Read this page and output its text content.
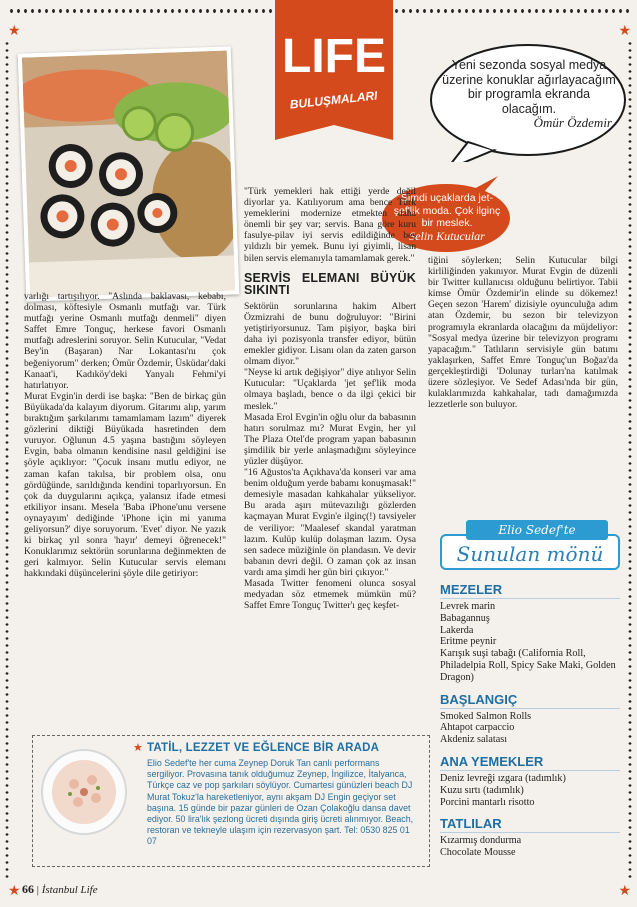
★	★
★	★
LIFE
BULUŞMALARI
Yeni sezonda sosyal medya üzerine konuklar ağırlayacağım bir programla ekranda olacağım.
Ömür Özdemir
Şimdi uçaklarda jet-şef'lik moda. Çok ilginç bir meslek.
Selin Kutucular

varlığı tartışılıyor. "Aslında baklavası, kebabı, dolması, köftesiyle Osmanlı mutfağı var. Türk mutfağı yerine Osmanlı mutfağı denmeli" diyen Saffet Emre Tonguç, herkese favori Osmanlı mutfağı adreslerini soruyor. Selin Kutucular, "Vedat Bey'in (Başaran) Nar Lokantası'nı çok beğeniyorum" derken; Ömür Özdemir, Üsküdar'daki Kanaat'i, Kadıköy'deki Yanyalı Fehmi'yi hatırlatıyor.

Murat Evgin'in derdi ise başka: "Ben de birkaç gün Büyükada'da kalayım diyorum. Gitarımı alıp, yarım bıraktığım şarkılarımı tamamlamam lazım" diyerek gözlerini diktiği Büyükada hasretinden dem vuruyor. Oğlunun 4.5 yaşına bastığını söyleyen Evgin, baba olmanın kendisine nasıl geldiğini ise şöyle açıklıyor: "Çocuk insanı mutlu ediyor, ne zaman kafan takılsa, bir problem olsa, onu gördüğünde, sarıldığında kendini toparlıyorsun. En çok da duygularını açıkça, yalansız ifade etmesi etkiliyor insanı. Mesela 'Baba iPhone'unu versene oynayayım' dediğinde 'iPhone için mi yanıma geliyorsun?' diye soruyorum. 'Evet' diyor. Ne yazık ki birkaç yıl sonra 'hayır' demeyi öğrenecek!" Konuklarımız sektörün sorunlarına değinmekten de geri kalmıyor. Selin Kutucular servis elemanı hakkındaki düşüncelerini şöyle dile getiriyor:

"Türk yemekleri hak ettiği yerde değil diyorlar ya. Katılıyorum ama bence Türk yemeklerini modernize etmekten daha önemli bir şey var; servis. Bana göre kuru fasulye-pilav iyi servis edildiğinde beş yıldızlı bir yemek. Bunu iyi giyimli, lisan bilen servis elemanıyla tamamlamak gerek."

SERVİS ELEMANI BÜYÜK SIKINTI

Sektörün sorunlarına hakim Albert Özmizrahi de bunu doğruluyor: "Birini yetiştiriyorsunuz. Tam pişiyor, başka biri daha iyi pozisyonla transfer ediyor, bütün emekler gidiyor. Lisanı olan da zaten garson olmam diyor."

"Neyse ki artık değişiyor" diye atılıyor Selin Kutucular: "Uçaklarda 'jet şef'lik moda olmaya başladı, bence o da ilgi çekici bir meslek."

Masada Erol Evgin'in oğlu olur da babasının hatırı sorulmaz mı? Murat Evgin, her yıl The Plaza Otel'de program yapan babasının şimdilik bir yerle anlaşmadığını söyleyince yüzler düşüyor.

"16 Ağustos'ta Açıkhava'da konseri var ama benim olduğum yerde babamı konuşmasak!" demesiyle masadan kahkahalar yükseliyor. Bu arada aşırı mütevazılığı gözlerden kaçmayan Murat Evgin'e ilginç(!) tavsiyeler de veriliyor: "Maalesef skandal yaratman lazım. Kulüp kulüp dolaşman lazım. Oysa sen sadece müziğinle ön plandasın. Ve devir babanın devri değil. O zaman çok az insan vardı ama şimdi her gün biri çıkıyor."

Masada Twitter fenomeni olunca sosyal medyadan söz etmemek mümkün mü? Saffet Emre Tonguç Twitter'ı geç keşfet-

tiğini söylerken; Selin Kutucular bilgi kirliliğinden yakınıyor. Murat Evgin de düzenli bir Twitter kullanıcısı olduğunu belirtiyor. Tabii kimse Ömür Özdemir'in elinde su dökemez! Geçen sezon 'Harem' dizisiyle oyunculuğa adım atan Özdemir, bu sezon bir televizyon programıyla ekranlarda olacağını da müjdeliyor: "Sosyal medya üzerine bir televizyon programı yapacağım." Tatlıların servisiyle gün batımı yaklaşırken, Saffet Emre Tonguç'un Boğaz'da gerçekleştirdiği 'Dolunay turları'na katılmak üzere sözleşiyor. Ve Sedef Adası'nda bir gün, kulaklarımızda kahkahalar, tadı damağımızda lezzetlerle son buluyor.

Sunulan mönü
Elio Sedef'te
MEZELER
Levrek marin
Babagannuş
Lakerda
Eritme peynir
Karışık suşi tabağı (California Roll, Philadelpia Roll, Spicy Sake Maki, Golden Dragon)
BAŞLANGIÇ
Smoked Salmon Rolls
Ahtapot carpaccio
Akdeniz salatası
ANA YEMEKLER
Deniz levreği ızgara (tadımlık)
Kuzu sırtı (tadımlık)
Porcini mantarlı risotto
TATLILAR
Kızarmış dondurma
Chocolate Mousse
★ TATİL, LEZZET VE EĞLENCE BİR ARADA
Elio Sedef'te her cuma Zeynep Doruk Tan canlı performans sergiliyor. Provasına tanık olduğumuz Zeynep, İngilizce, İtalyanca, Türkçe caz ve pop şarkıları söylüyor. Cumartesi günüzleri beach DJ Murat Tokuz'la hareketleniyor, aynı akşam DJ Engin geçiyor set başına. 15 günde bir pazar günleri de Ozan Çolakoğlu dansa davet ediyor. 50 lira'lık şezlong ücreti dışında giriş ücreti alınmıyor. Beach, restoran ve tekneyle ulaşım için rezervasyon şart. Tel: 0530 825 01 07
66 | İstanbul Life
